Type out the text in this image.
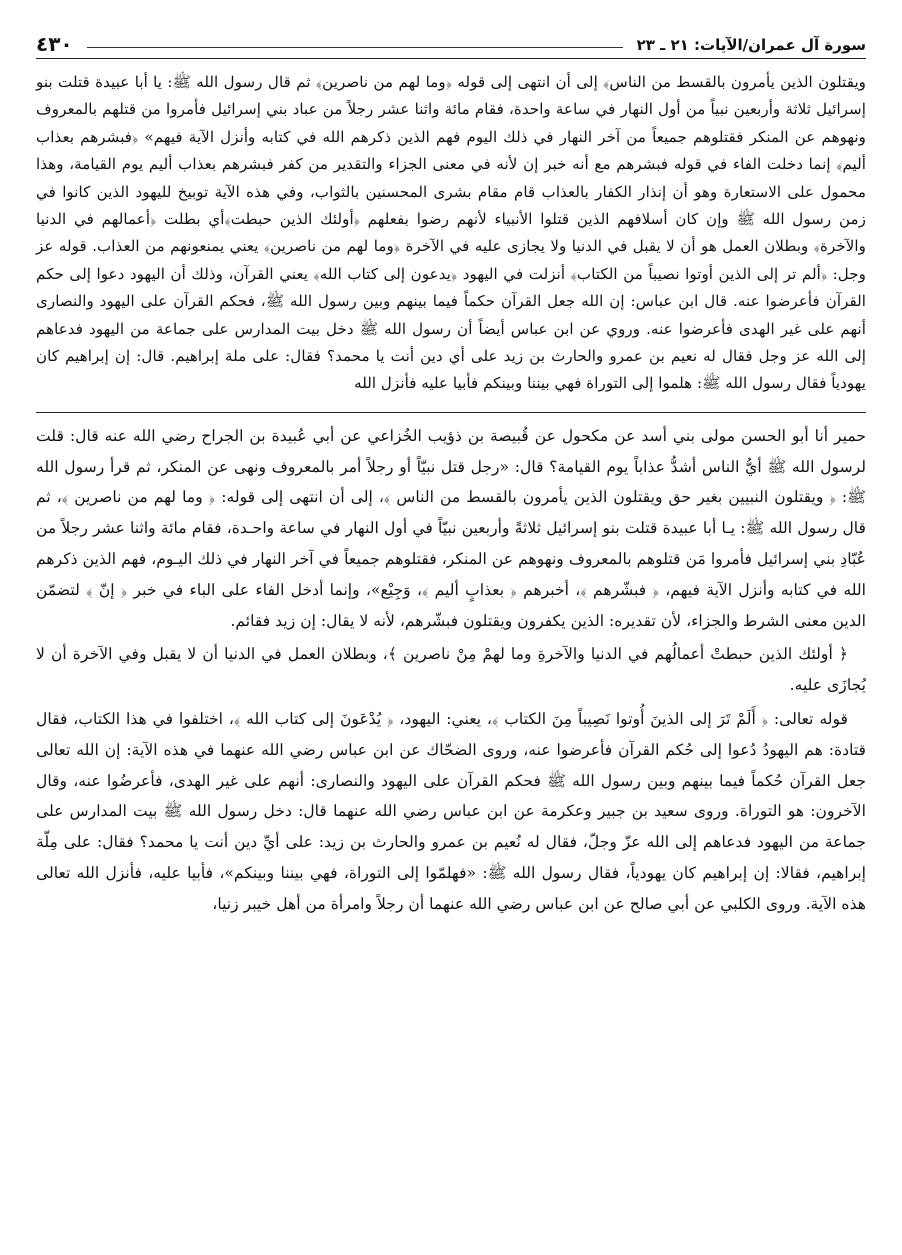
سورة آل عمران/الآيات: ٢١ ـ ٢٣
٤٣٠

ويقتلون الذين يأمرون بالقسط من الناس﴾ إلى أن انتهى إلى قوله ﴿وما لهم من ناصرين﴾ ثم قال رسول الله ﷺ: يا أبا عبيدة قتلت بنو إسرائيل ثلاثة وأربعين نبياً من أول النهار في ساعة واحدة، فقام مائة واثنا عشر رجلاً من عباد بني إسرائيل فأمروا من قتلهم بالمعروف ونهوهم عن المنكر فقتلوهم جميعاً من آخر النهار في ذلك اليوم فهم الذين ذكرهم الله في كتابه وأنزل الآية فيهم» ﴿فبشرهم بعذاب أليم﴾ إنما دخلت الفاء في قوله فبشرهم مع أنه خبر إن لأنه في معنى الجزاء والتقدير من كفر فبشرهم بعذاب أليم يوم القيامة، وهذا محمول على الاستعارة وهو أن إنذار الكفار بالعذاب قام مقام بشرى المحسنين بالثواب، وفي هذه الآية توبيخ لليهود الذين كانوا في زمن رسول الله ﷺ وإن كان أسلافهم الذين قتلوا الأنبياء لأنهم رضوا بفعلهم ﴿أولئك الذين حبطت﴾أي بطلت ﴿أعمالهم في الدنيا والآخرة﴾ وبطلان العمل هو أن لا يقبل في الدنيا ولا يجازى عليه في الآخرة ﴿وما لهم من ناصرين﴾ يعني يمنعونهم من العذاب. قوله عز وجل: ﴿ألم تر إلى الذين أوتوا نصيباً من الكتاب﴾ أنزلت في اليهود ﴿يدعون إلى كتاب الله﴾ يعني القرآن، وذلك أن اليهود دعوا إلى حكم القرآن فأعرضوا عنه. قال ابن عباس: إن الله جعل القرآن حكماً فيما بينهم وبين رسول الله ﷺ، فحكم القرآن على اليهود والنصارى أنهم على غير الهدى فأعرضوا عنه. وروي عن ابن عباس أيضاً أن رسول الله ﷺ دخل بيت المدارس على جماعة من اليهود فدعاهم إلى الله عز وجل فقال له نعيم بن عمرو والحارث بن زيد على أي دين أنت يا محمد؟ فقال: على ملة إبراهيم. قال: إن إبراهيم كان يهودياً فقال رسول الله ﷺ: هلموا إلى التوراة فهي بيننا وبينكم فأبيا عليه فأنزل الله

حمير أنا أبو الحسن مولى بني أسد عن مكحول عن قُبيصة بن ذؤيب الخُزاعي عن أبي عُبيدة بن الجراح رضي الله عنه قال: قلت لرسول الله ﷺ أيُّ الناس أشدُّ عذاباً يوم القيامة؟ قال: «رجل قتل نبيّاً أو رجلاً أمر بالمعروف ونهى عن المنكر، ثم قرأ رسول الله ﷺ: ﴿ ويقتلون النبيين بغير حق ويقتلون الذين يأمرون بالقسط من الناس ﴾، إلى أن انتهى إلى قوله: ﴿ وما لهم من ناصرين ﴾، ثم قال رسول الله ﷺ: يـا أبا عبيدة قتلت بنو إسرائيل ثلاثةً وأربعين نبيّاً في أول النهار في ساعة واحـدة، فقام مائة واثنا عشر رجلاً من عُبّادِ بني إسرائيل فأمروا مَن قتلوهم بالمعروف ونهوهم عن المنكر، فقتلوهم جميعاً في آخر النهار في ذلك اليـوم، فهم الذين ذكرهم الله في كتابه وأنزل الآية فيهم، ﴿ فبشّرهم ﴾، أخبرهم ﴿ بعذابٍ أليم ﴾، وَجِيْع»، وإنما أدخل الفاء على الباء في خبر ﴿ إنّ ﴾ لتضمّن الدين معنى الشرط والجزاء، لأن تقديره: الذين يكفرون ويقتلون فبشّرهم، لأنه لا يقال: إن زيد فقائم.

﴿ أولئك الذين حبطتْ أعمالُهم في الدنيا والآخرةِ وما لهمْ مِنْ ناصرين ﴾، وبطلان العمل في الدنيا أن لا يقبل وفي الآخرة أن لا يُجازَى عليه.

قوله تعالى: ﴿ أَلَمْ تَرَ إلى الذينَ أُوتوا نَصِيباً مِنَ الكتاب ﴾، يعني: اليهود، ﴿ يُدْعَونَ إلى كتاب الله ﴾، اختلفوا في هذا الكتاب، فقال قتادة: هم اليهودُ دُعوا إلى حُكم القرآن فأعرضوا عنه، وروى الضحّاك عن ابن عباس رضي الله عنهما في هذه الآية: إن الله تعالى جعل القرآن حُكماً فيما بينهم وبين رسول الله ﷺ فحكم القرآن على اليهود والنصارى: أنهم على غير الهدى، فأعرضُوا عنه، وقال الآخرون: هو التوراة. وروى سعيد بن جبير وعكرمة عن ابن عباس رضي الله عنهما قال: دخل رسول الله ﷺ بيت المدارس على جماعة من اليهود فدعاهم إلى الله عزّ وجلّ، فقال له نُعيم بن عمرو والحارث بن زيد: على أيِّ دين أنت يا محمد؟ فقال: على مِلّة إبراهيم، فقالا: إن إبراهيم كان يهودياً، فقال رسول الله ﷺ: «فهلمّوا إلى التوراة، فهي بيننا وبينكم»، فأبيا عليه، فأنزل الله تعالى هذه الآية. وروى الكلبي عن أبي صالح عن ابن عباس رضي الله عنهما أن رجلاً وامرأة من أهل خيبر زنيا،
